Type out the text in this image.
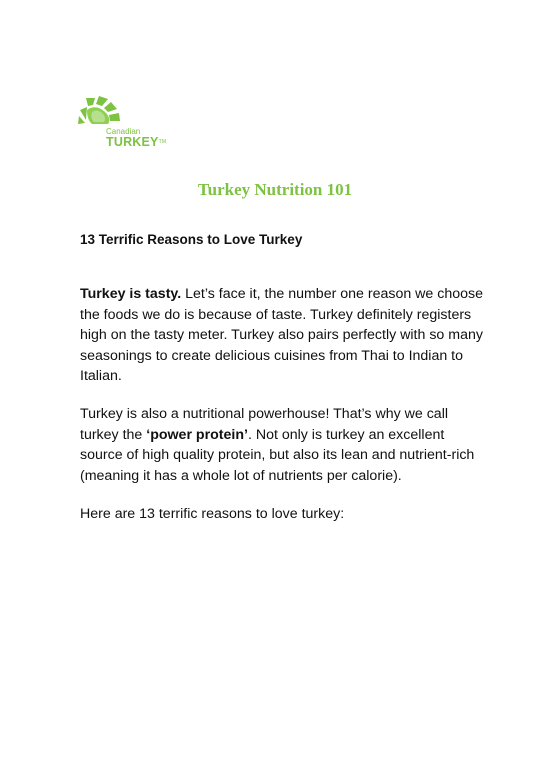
Canadian
TURKEY™
Turkey Nutrition 101
13 Terrific Reasons to Love Turkey

Turkey is tasty. Let’s face it, the number one reason we choose the foods we do is because of taste. Turkey definitely registers high on the tasty meter. Turkey also pairs perfectly with so many seasonings to create delicious cuisines from Thai to Indian to Italian.

Turkey is also a nutritional powerhouse! That’s why we call turkey the ‘power protein’. Not only is turkey an excellent source of high quality protein, but also its lean and nutrient-rich (meaning it has a whole lot of nutrients per calorie).

Here are 13 terrific reasons to love turkey:
